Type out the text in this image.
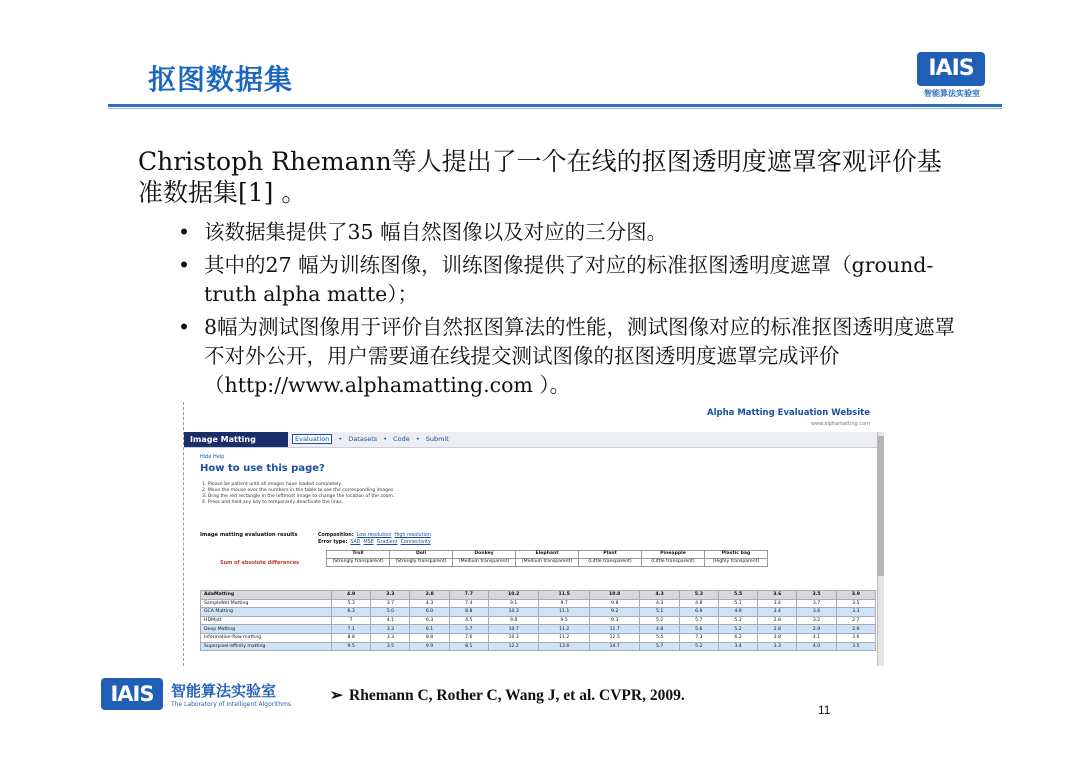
抠图数据集	IAIS
智能算法实验室
Christoph Rhemann等人提出了一个在线的抠图透明度遮罩客观评价基准数据集[1] 。
• 该数据集提供了35 幅自然图像以及对应的三分图。
• 其中的27 幅为训练图像，训练图像提供了对应的标准抠图透明度遮罩（ground-truth alpha matte）；
• 8幅为测试图像用于评价自然抠图算法的性能，测试图像对应的标准抠图透明度遮罩不对外公开，用户需要通在线提交测试图像的抠图透明度遮罩完成评价（http://www.alphamatting.com ）。
Alpha Matting Evaluation Website
www.alphamatting.com
Image Matting	Evaluation • Datasets • Code • Submit
Hide Help
How to use this page?
1. Please be patient until all images have loaded completely.
2. Move the mouse over the numbers in the table to see the corresponding images.
3. Drag the red rectangle in the leftmost image to change the location of the zoom.
4. Press and hold any key to temporarily deactivate the links.
Image matting evaluation results	Composition: Low resolution High resolution
Error type: SAD MSE Gradient Connectivity
Sum of absolute differences
Troll	Doll	Donkey	Elephant	Plant	Pineapple	Plastic bag
(Strongly transparent)	(Strongly transparent)	(Medium transparent)	(Medium transparent)	(Little transparent)	(Little transparent)	(Highly transparent)
AdaMatting	4.9	3.3	3.8	7.7	10.2	11.5	10.8	4.3	5.3	5.5	3.6	3.5	3.9
SampleNet Matting	5.3	3.7	4.3	7.4	9.1	9.7	9.8	4.3	4.8	5.1	3.4	3.7	3.5
GCA Matting	6.3	5.0	6.0	8.8	10.3	11.1	9.2	5.1	6.9	4.9	3.4	3.6	3.3
HDMatt	7	4.1	6.3	4.5	9.8	9.5	9.3	5.2	5.7	5.3	2.8	3.2	2.7
Deep Matting	7.1	3.3	6.1	5.7	10.7	11.2	11.7	4.8	5.6	5.2	2.8	2.9	2.9
Information-flow matting	8.8	3.3	8.8	7.6	10.3	11.2	12.5	5.5	7.3	6.2	3.8	4.1	3.6
Superpixel-affinity matting	9.5	3.5	9.9	8.1	12.2	13.6	14.7	5.7	5.2	3.4	3.3	4.0	3.5
IAIS	智能算法实验室
The Laboratory of Intelligent Algorithms
➢ Rhemann C, Rother C, Wang J, et al. CVPR, 2009.
11
